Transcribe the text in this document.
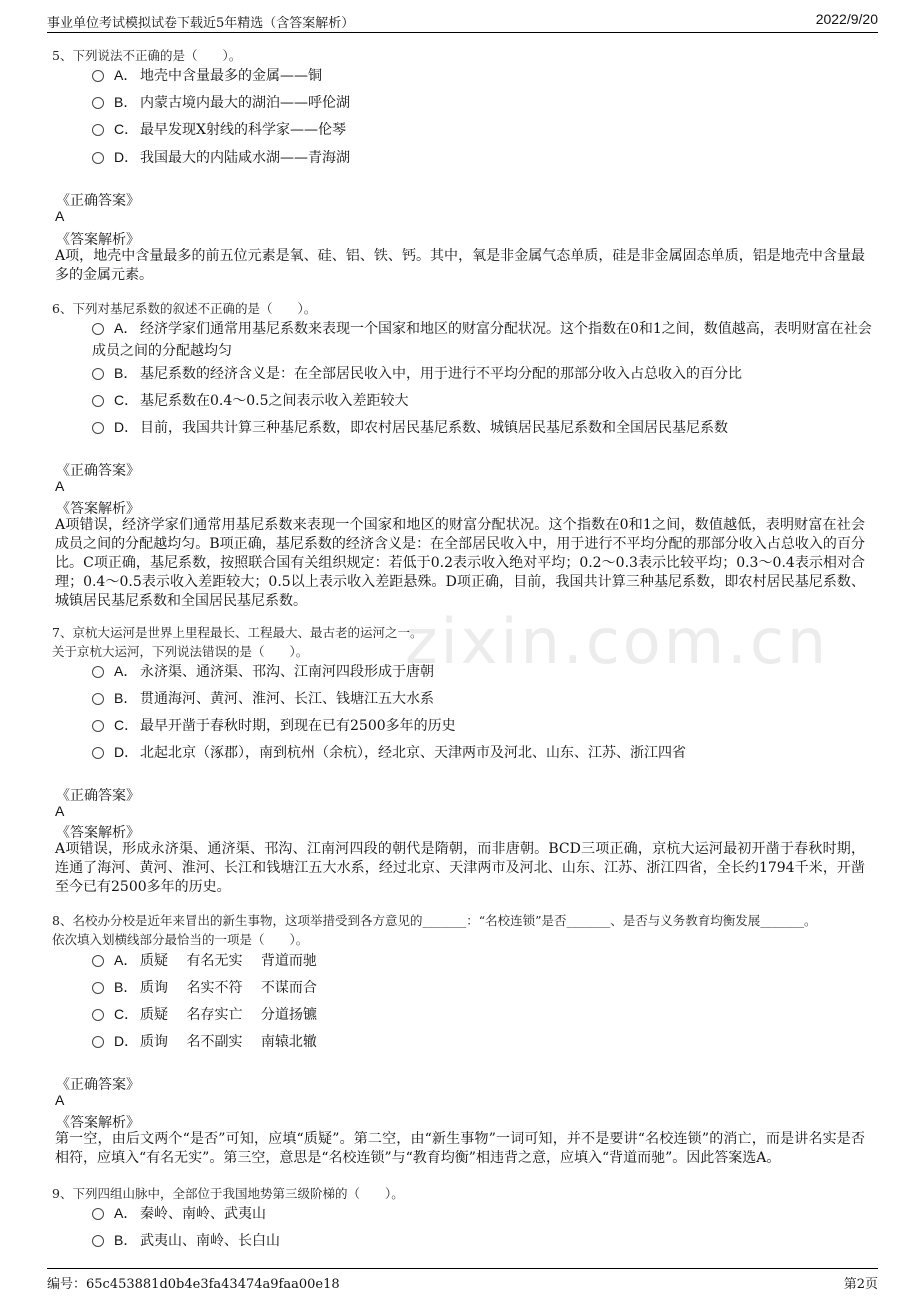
事业单位考试模拟试卷下载近5年精选（含答案解析）	2022/9/20
zixin.com.cn
5、下列说法不正确的是（　　）。
A． 地壳中含量最多的金属——铜
B． 内蒙古境内最大的湖泊——呼伦湖
C． 最早发现X射线的科学家——伦琴
D． 我国最大的内陆咸水湖——青海湖
《正确答案》
A
《答案解析》
A项，地壳中含量最多的前五位元素是氧、硅、铝、铁、钙。其中，氧是非金属气态单质，硅是非金属固态单质，铝是地壳中含量最多的金属元素。
6、下列对基尼系数的叙述不正确的是（　　）。
A． 经济学家们通常用基尼系数来表现一个国家和地区的财富分配状况。这个指数在0和1之间，数值越高，表明财富在社会成员之间的分配越均匀
B． 基尼系数的经济含义是：在全部居民收入中，用于进行不平均分配的那部分收入占总收入的百分比
C． 基尼系数在0.4～0.5之间表示收入差距较大
D． 目前，我国共计算三种基尼系数，即农村居民基尼系数、城镇居民基尼系数和全国居民基尼系数
《正确答案》
A
《答案解析》
A项错误，经济学家们通常用基尼系数来表现一个国家和地区的财富分配状况。这个指数在0和1之间，数值越低，表明财富在社会成员之间的分配越均匀。B项正确，基尼系数的经济含义是：在全部居民收入中，用于进行不平均分配的那部分收入占总收入的百分比。C项正确，基尼系数，按照联合国有关组织规定：若低于0.2表示收入绝对平均；0.2～0.3表示比较平均；0.3～0.4表示相对合理；0.4～0.5表示收入差距较大；0.5以上表示收入差距悬殊。D项正确，目前，我国共计算三种基尼系数，即农村居民基尼系数、城镇居民基尼系数和全国居民基尼系数。
7、京杭大运河是世界上里程最长、工程最大、最古老的运河之一。
关于京杭大运河，下列说法错误的是（　　）。
A． 永济渠、通济渠、邗沟、江南河四段形成于唐朝
B． 贯通海河、黄河、淮河、长江、钱塘江五大水系
C． 最早开凿于春秋时期，到现在已有2500多年的历史
D． 北起北京（涿郡），南到杭州（余杭），经北京、天津两市及河北、山东、江苏、浙江四省
《正确答案》
A
《答案解析》
A项错误，形成永济渠、通济渠、邗沟、江南河四段的朝代是隋朝，而非唐朝。BCD三项正确，京杭大运河最初开凿于春秋时期，连通了海河、黄河、淮河、长江和钱塘江五大水系，经过北京、天津两市及河北、山东、江苏、浙江四省，全长约1794千米，开凿至今已有2500多年的历史。
8、名校办分校是近年来冒出的新生事物，这项举措受到各方意见的_______：“名校连锁”是否_______、是否与义务教育均衡发展_______。
依次填入划横线部分最恰当的一项是（　　）。
A． 质疑　 有名无实　 背道而驰
B． 质询　 名实不符　 不谋而合
C． 质疑　 名存实亡　 分道扬镳
D． 质询　 名不副实　 南辕北辙
《正确答案》
A
《答案解析》
第一空，由后文两个“是否”可知，应填“质疑”。第二空，由“新生事物”一词可知，并不是要讲“名校连锁”的消亡，而是讲名实是否相符，应填入“有名无实”。第三空，意思是“名校连锁”与“教育均衡”相违背之意，应填入“背道而驰”。因此答案选A。
9、下列四组山脉中，全部位于我国地势第三级阶梯的（　　）。
A． 秦岭、南岭、武夷山
B． 武夷山、南岭、长白山
编号：65c453881d0b4e3fa43474a9faa00e18	第2页
